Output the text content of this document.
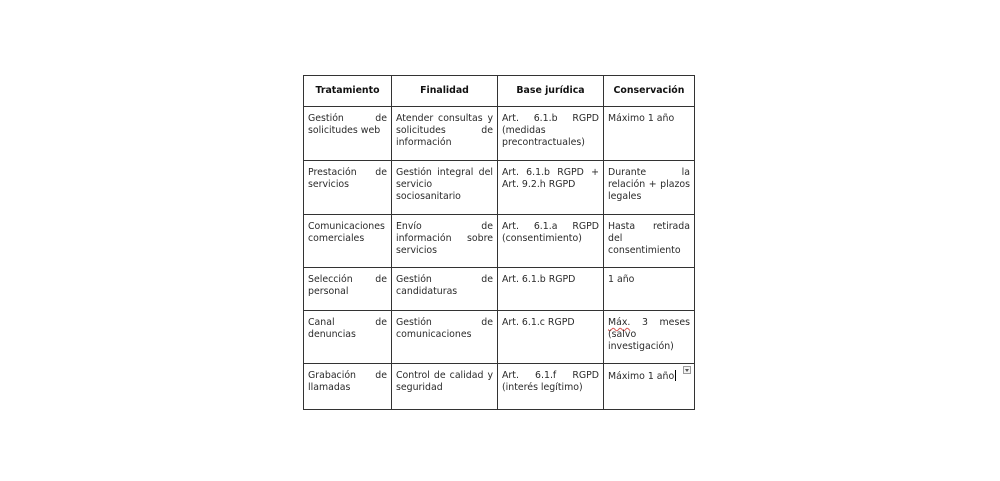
Tratamiento	Finalidad	Base jurídica	Conservación
Gestión de solicitudes web	Atender consultas y solicitudes de información	Art. 6.1.b RGPD (medidas precontractuales)	Máximo 1 año
Prestación de servicios	Gestión integral del servicio sociosanitario	Art. 6.1.b RGPD + Art. 9.2.h RGPD	Durante la relación + plazos legales
Comunicaciones comerciales	Envío de información sobre servicios	Art. 6.1.a RGPD (consentimiento)	Hasta retirada del consentimiento
Selección de personal	Gestión de candidaturas	Art. 6.1.b RGPD	1 año
Canal de denuncias	Gestión de comunicaciones	Art. 6.1.c RGPD	Máx. 3 meses (salvo investigación)
Grabación de llamadas	Control de calidad y seguridad	Art. 6.1.f RGPD (interés legítimo)	Máximo 1 año
